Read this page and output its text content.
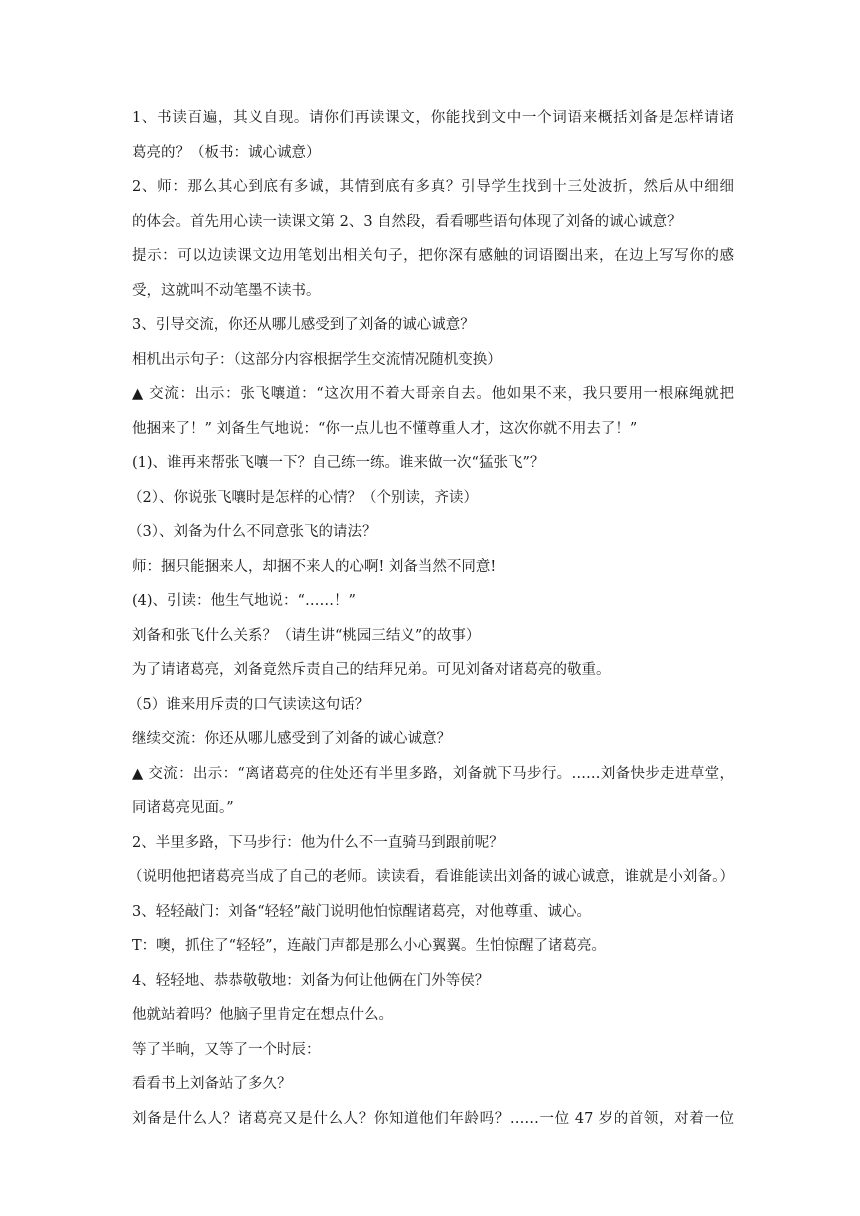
1、书读百遍，其义自现。请你们再读课文，你能找到文中一个词语来概括刘备是怎样请诸
葛亮的？（板书：诚心诚意）
2、师：那么其心到底有多诚，其情到底有多真？引导学生找到十三处波折，然后从中细细
的体会。首先用心读一读课文第 2、3 自然段，看看哪些语句体现了刘备的诚心诚意？
提示：可以边读课文边用笔划出相关句子，把你深有感触的词语圈出来，在边上写写你的感
受，这就叫不动笔墨不读书。
3、引导交流，你还从哪儿感受到了刘备的诚心诚意？
相机出示句子：（这部分内容根据学生交流情况随机变换）
▲ 交流：出示：张飞嚷道：“这次用不着大哥亲自去。他如果不来，我只要用一根麻绳就把
他捆来了！” 刘备生气地说：“你一点儿也不懂尊重人才，这次你就不用去了！”
(1)、谁再来帮张飞嚷一下？自己练一练。谁来做一次“猛张飞”？
（2）、你说张飞嚷时是怎样的心情？（个别读，齐读）
（3）、刘备为什么不同意张飞的请法？
师：捆只能捆来人，却捆不来人的心啊! 刘备当然不同意!
(4)、引读：他生气地说：“……！”
刘备和张飞什么关系？（请生讲“桃园三结义”的故事）
为了请诸葛亮，刘备竟然斥责自己的结拜兄弟。可见刘备对诸葛亮的敬重。
（5）谁来用斥责的口气读读这句话？
继续交流：你还从哪儿感受到了刘备的诚心诚意？
▲ 交流：出示：“离诸葛亮的住处还有半里多路，刘备就下马步行。……刘备快步走进草堂，
同诸葛亮见面。”
2、半里多路，下马步行：他为什么不一直骑马到跟前呢？
（说明他把诸葛亮当成了自己的老师。读读看，看谁能读出刘备的诚心诚意，谁就是小刘备。）
3、轻轻敲门：刘备“轻轻”敲门说明他怕惊醒诸葛亮，对他尊重、诚心。
T：噢，抓住了“轻轻”，连敲门声都是那么小心翼翼。生怕惊醒了诸葛亮。
4、轻轻地、恭恭敬敬地：刘备为何让他俩在门外等侯？
他就站着吗？他脑子里肯定在想点什么。
等了半晌，又等了一个时辰：
看看书上刘备站了多久？
刘备是什么人？诸葛亮又是什么人？你知道他们年龄吗？……一位 47 岁的首领，对着一位
